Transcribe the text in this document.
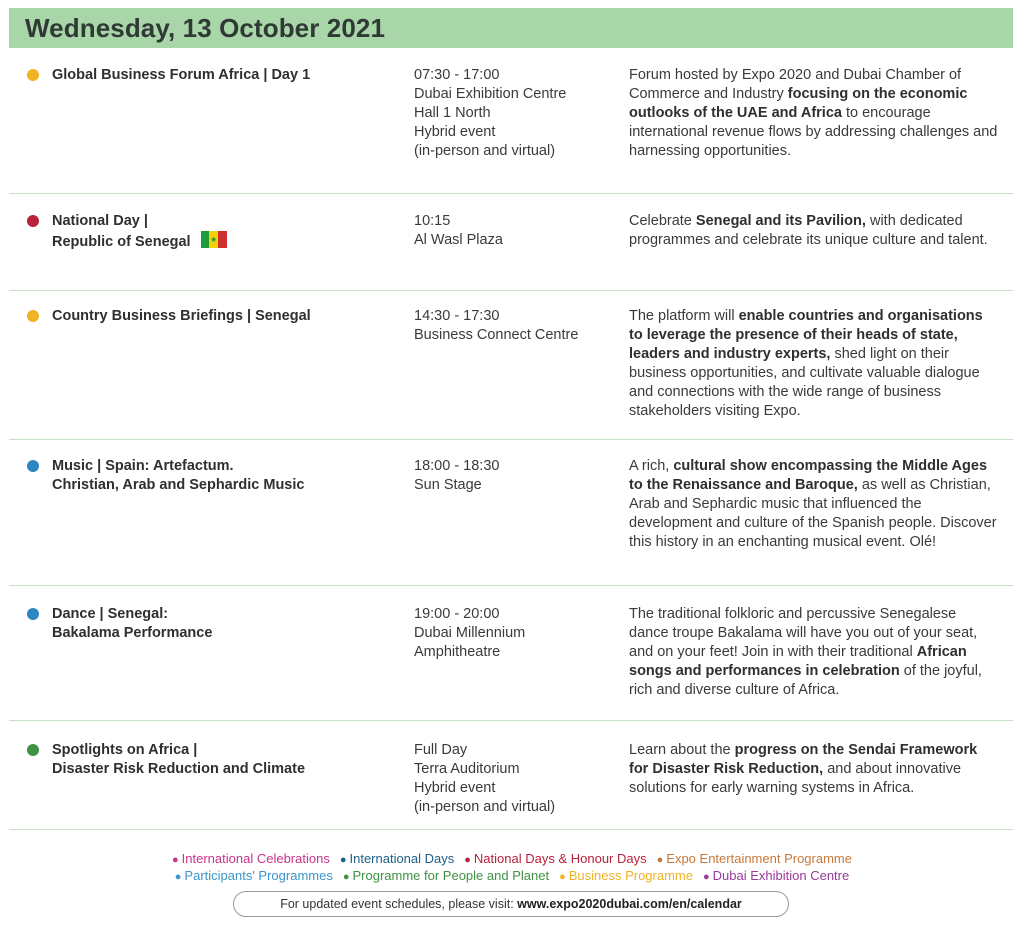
Wednesday, 13 October 2021
Global Business Forum Africa | Day 1	07:30 - 17:00
Dubai Exhibition Centre
Hall 1 North
Hybrid event
(in-person and virtual)
Forum hosted by Expo 2020 and Dubai Chamber of Commerce and Industry focusing on the economic outlooks of the UAE and Africa to encourage international revenue flows by addressing challenges and harnessing opportunities.
National Day |
Republic of Senegal ★
10:15
Al Wasl Plaza
Celebrate Senegal and its Pavilion, with dedicated programmes and celebrate its unique culture and talent.
Country Business Briefings | Senegal	14:30 - 17:30
Business Connect Centre
The platform will enable countries and organisations to leverage the presence of their heads of state, leaders and industry experts, shed light on their business opportunities, and cultivate valuable dialogue and connections with the wide range of business stakeholders visiting Expo.
Music | Spain: Artefactum.
Christian, Arab and Sephardic Music
18:00 - 18:30
Sun Stage
A rich, cultural show encompassing the Middle Ages to the Renaissance and Baroque, as well as Christian, Arab and Sephardic music that influenced the development and culture of the Spanish people. Discover this history in an enchanting musical event. Olé!
Dance | Senegal:
Bakalama Performance
19:00 - 20:00
Dubai Millennium
Amphitheatre
The traditional folkloric and percussive Senegalese dance troupe Bakalama will have you out of your seat, and on your feet! Join in with their traditional African songs and performances in celebration of the joyful, rich and diverse culture of Africa.
Spotlights on Africa |
Disaster Risk Reduction and Climate
Full Day
Terra Auditorium
Hybrid event
(in-person and virtual)
Learn about the progress on the Sendai Framework for Disaster Risk Reduction, and about innovative solutions for early warning systems in Africa.
● International Celebrations ● International Days ● National Days & Honour Days ● Expo Entertainment Programme
● Participants' Programmes ● Programme for People and Planet ● Business Programme ● Dubai Exhibition Centre
For updated event schedules, please visit: www.expo2020dubai.com/en/calendar
